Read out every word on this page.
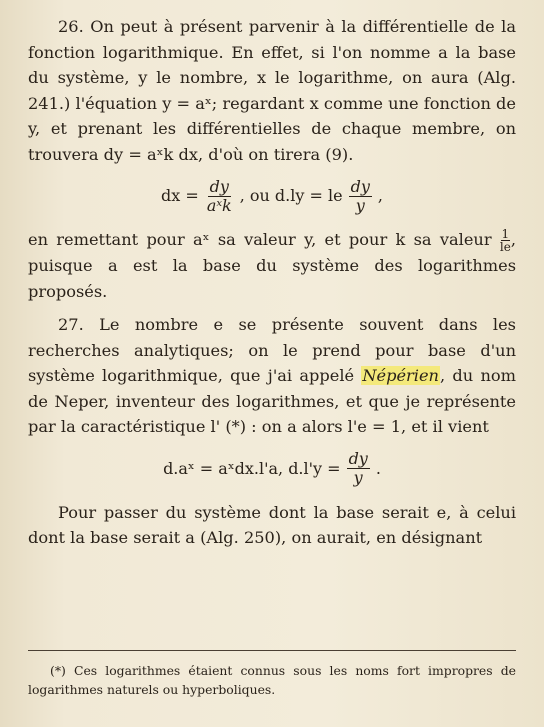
26. On peut à présent parvenir à la différentielle de la fonction logarithmique. En effet, si l'on nomme a la base du système, y le nombre, x le logarithme, on aura (Alg. 241.) l'équation y = aˣ; regardant x comme une fonction de y, et prenant les différentielles de chaque membre, on trouvera dy = aˣk dx, d'où on tirera (9).

dx = $\frac{dy}{\text{aˣk}}$ , ou d.ly = le $\frac{dy}{y}$ ,

en remettant pour aˣ sa valeur y, et pour k sa valeur $\frac{1}{le}$ , puisque a est la base du système des logarithmes proposés.

27. Le nombre e se présente souvent dans les recherches analytiques; on le prend pour base d'un système logarithmique, que j'ai appelé Népérien, du nom de Neper, inventeur des logarithmes, et que je représente par la caractéristique l' (*) : on a alors l'e = 1, et il vient

d.aˣ = aˣdx.l'a, $d.l'y = \frac{dy}{y}$ .

Pour passer du système dont la base serait e, à celui dont la base serait a (Alg. 250), on aurait, en désignant

(*) Ces logarithmes étaient connus sous les noms fort impropres de logarithmes naturels ou hyperboliques.
